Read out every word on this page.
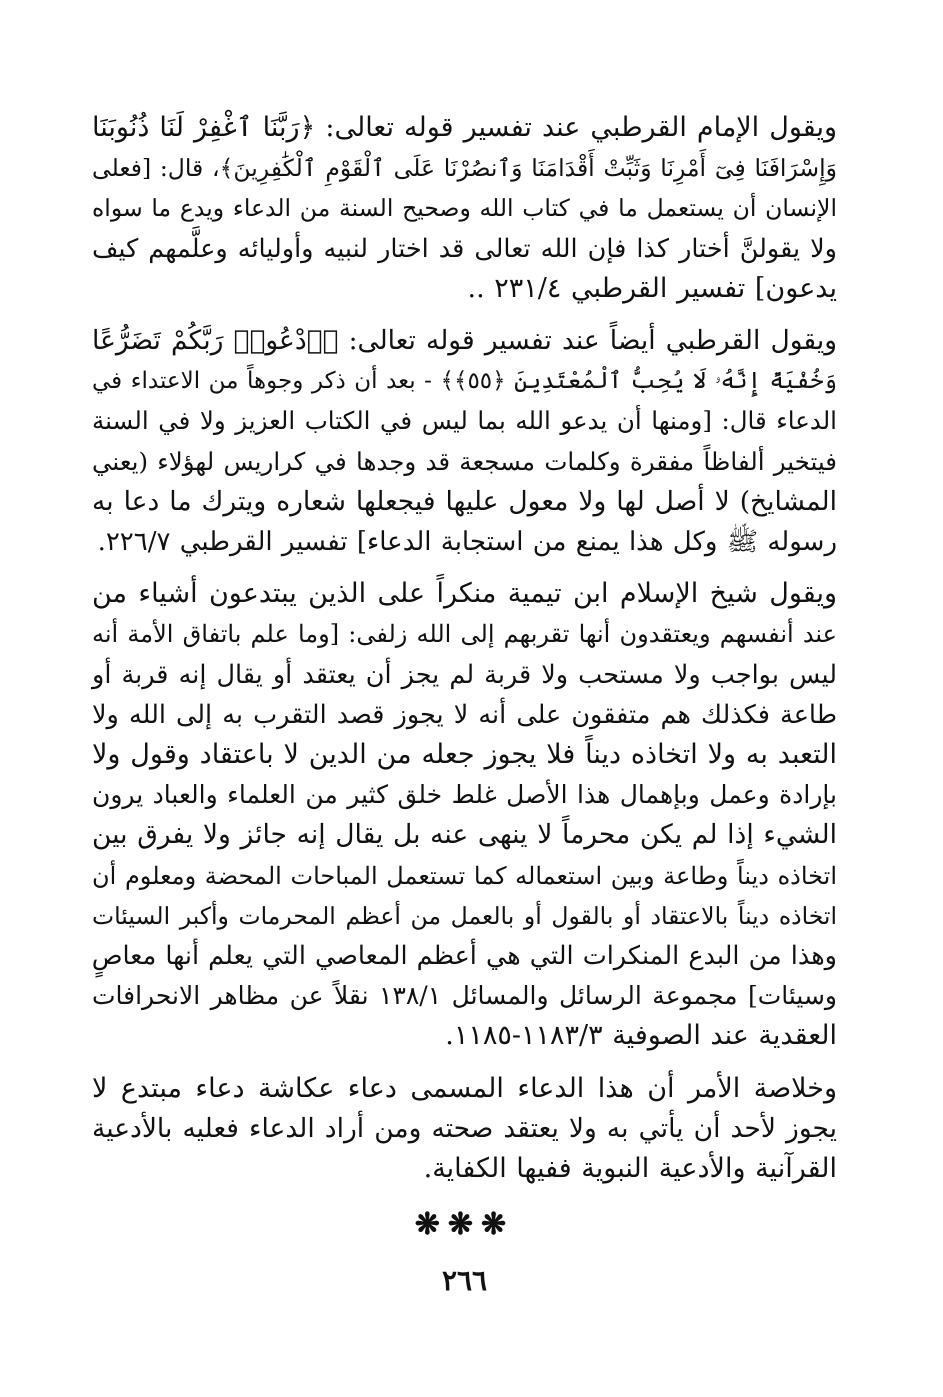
ويقول الإمام القرطبي عند تفسير قوله تعالى: ﴿رَبَّنَا ٱغْفِرْ لَنَا ذُنُوبَنَا
وَإِسْرَافَنَا فِىٓ أَمْرِنَا وَثَبِّتْ أَقْدَامَنَا وَٱنصُرْنَا عَلَى ٱلْقَوْمِ ٱلْكَٰفِرِينَ﴾، قال: [فعلى
الإنسان أن يستعمل ما في كتاب الله وصحيح السنة من الدعاء ويدع ما سواه
ولا يقولنَّ أختار كذا فإن الله تعالى قد اختار لنبيه وأوليائه وعلَّمهم كيف
يدعون] تفسير القرطبي ٢٣١/٤ ..
ويقول القرطبي أيضاً عند تفسير قوله تعالى: ﴿ٱدْعُوا۟ رَبَّكُمْ تَضَرُّعًا
وَخُفْيَةً إِنَّهُۥ لَا يُحِبُّ ٱلْمُعْتَدِينَ ﴿٥٥﴾﴾ - بعد أن ذكر وجوهاً من الاعتداء في
الدعاء قال: [ومنها أن يدعو الله بما ليس في الكتاب العزيز ولا في السنة
فيتخير ألفاظاً مفقرة وكلمات مسجعة قد وجدها في كراريس لهؤلاء (يعني
المشايخ) لا أصل لها ولا معول عليها فيجعلها شعاره ويترك ما دعا به
رسوله ﷺ وكل هذا يمنع من استجابة الدعاء] تفسير القرطبي ٢٢٦/٧.
ويقول شيخ الإسلام ابن تيمية منكراً على الذين يبتدعون أشياء من
عند أنفسهم ويعتقدون أنها تقربهم إلى الله زلفى: [وما علم باتفاق الأمة أنه
ليس بواجب ولا مستحب ولا قربة لم يجز أن يعتقد أو يقال إنه قربة أو
طاعة فكذلك هم متفقون على أنه لا يجوز قصد التقرب به إلى الله ولا
التعبد به ولا اتخاذه ديناً فلا يجوز جعله من الدين لا باعتقاد وقول ولا
بإرادة وعمل وبإهمال هذا الأصل غلط خلق كثير من العلماء والعباد يرون
الشيء إذا لم يكن محرماً لا ينهى عنه بل يقال إنه جائز ولا يفرق بين
اتخاذه ديناً وطاعة وبين استعماله كما تستعمل المباحات المحضة ومعلوم أن
اتخاذه ديناً بالاعتقاد أو بالقول أو بالعمل من أعظم المحرمات وأكبر السيئات
وهذا من البدع المنكرات التي هي أعظم المعاصي التي يعلم أنها معاصٍ
وسيئات] مجموعة الرسائل والمسائل ١٣٨/١ نقلاً عن مظاهر الانحرافات
العقدية عند الصوفية ١١٨٣/٣-١١٨٥.
وخلاصة الأمر أن هذا الدعاء المسمى دعاء عكاشة دعاء مبتدع لا
يجوز لأحد أن يأتي به ولا يعتقد صحته ومن أراد الدعاء فعليه بالأدعية
القرآنية والأدعية النبوية ففيها الكفاية.
❋❋❋
٢٦٦
